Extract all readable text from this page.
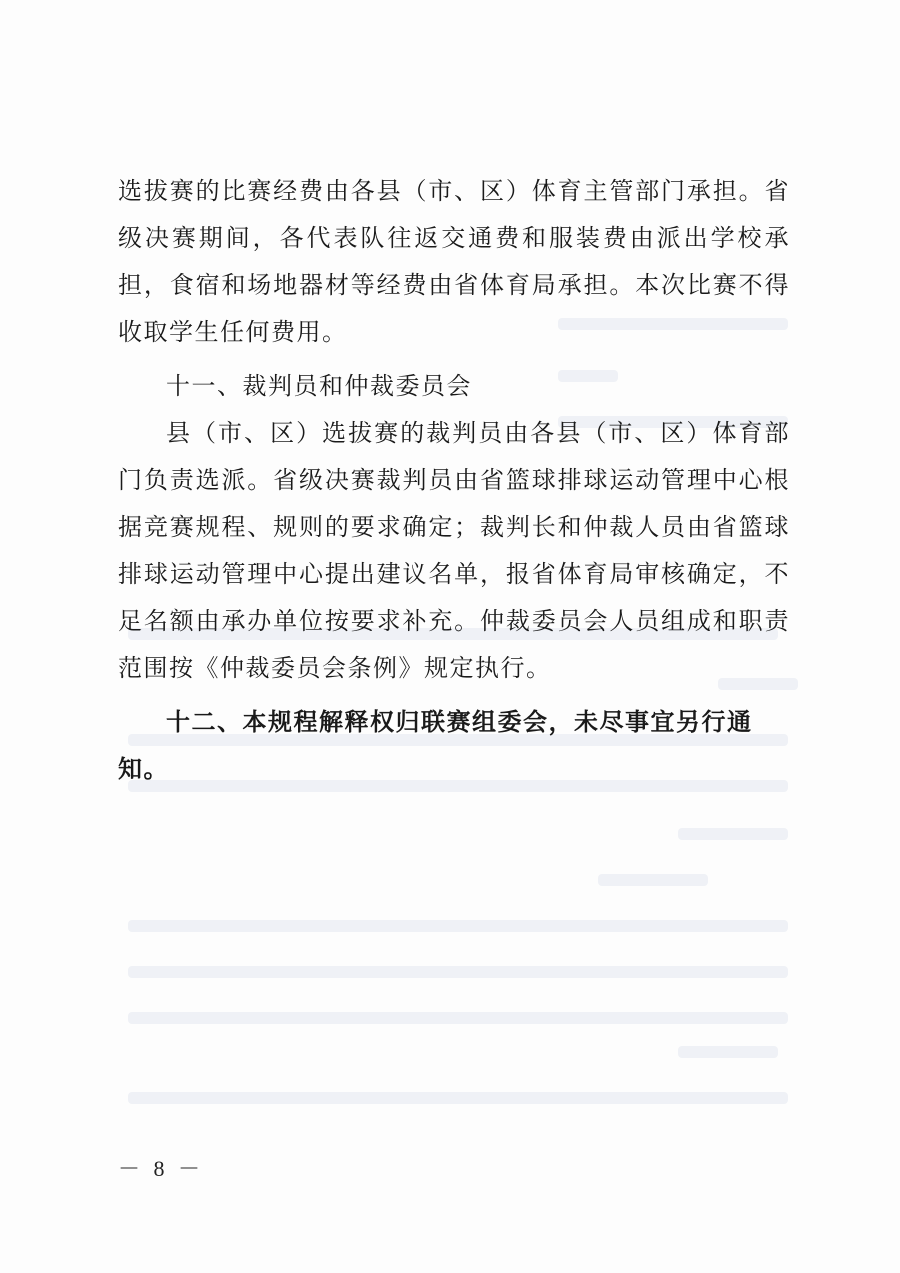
选拔赛的比赛经费由各县（市、区）体育主管部门承担。省级决赛期间，各代表队往返交通费和服装费由派出学校承担，食宿和场地器材等经费由省体育局承担。本次比赛不得收取学生任何费用。

十一、裁判员和仲裁委员会

县（市、区）选拔赛的裁判员由各县（市、区）体育部门负责选派。省级决赛裁判员由省篮球排球运动管理中心根据竞赛规程、规则的要求确定；裁判长和仲裁人员由省篮球排球运动管理中心提出建议名单，报省体育局审核确定，不足名额由承办单位按要求补充。仲裁委员会人员组成和职责范围按《仲裁委员会条例》规定执行。

十二、本规程解释权归联赛组委会，未尽事宜另行通知。

－ 8 －
